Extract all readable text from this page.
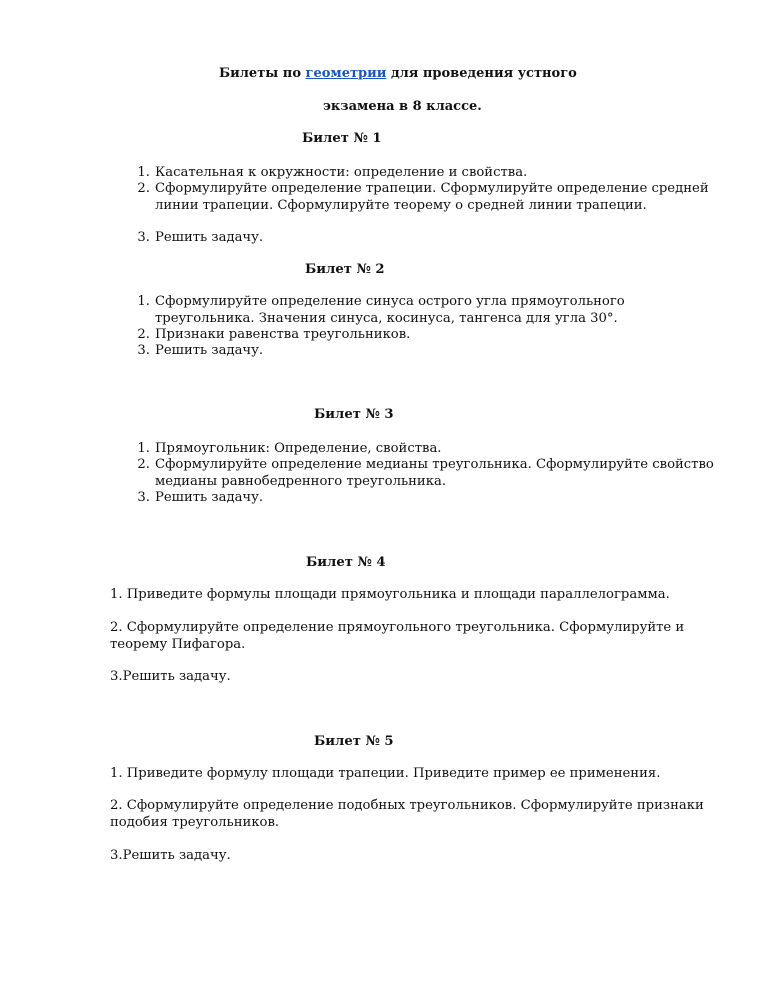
Билеты по геометрии для проведения устного
экзамена в 8 классе.
Билет № 1
1. Касательная к окружности: определение и свойства.
2. Сформулируйте определение трапеции. Сформулируйте определение средней линии трапеции. Сформулируйте теорему о средней линии трапеции.
3. Решить задачу.
Билет № 2
1. Сформулируйте определение синуса острого угла прямоугольного треугольника. Значения синуса, косинуса, тангенса для угла 30°.
2. Признаки равенства треугольников.
3. Решить задачу.
Билет № 3
1. Прямоугольник: Определение, свойства.
2. Сформулируйте определение медианы треугольника. Сформулируйте свойство медианы равнобедренного треугольника.
3. Решить задачу.
Билет № 4
1. Приведите формулы площади прямоугольника и площади параллелограмма.
2. Сформулируйте определение прямоугольного треугольника. Сформулируйте и теорему Пифагора.
3.Решить задачу.
Билет № 5
1. Приведите формулу площади трапеции. Приведите пример ее применения.
2. Сформулируйте определение подобных треугольников. Сформулируйте признаки подобия треугольников.
3.Решить задачу.
